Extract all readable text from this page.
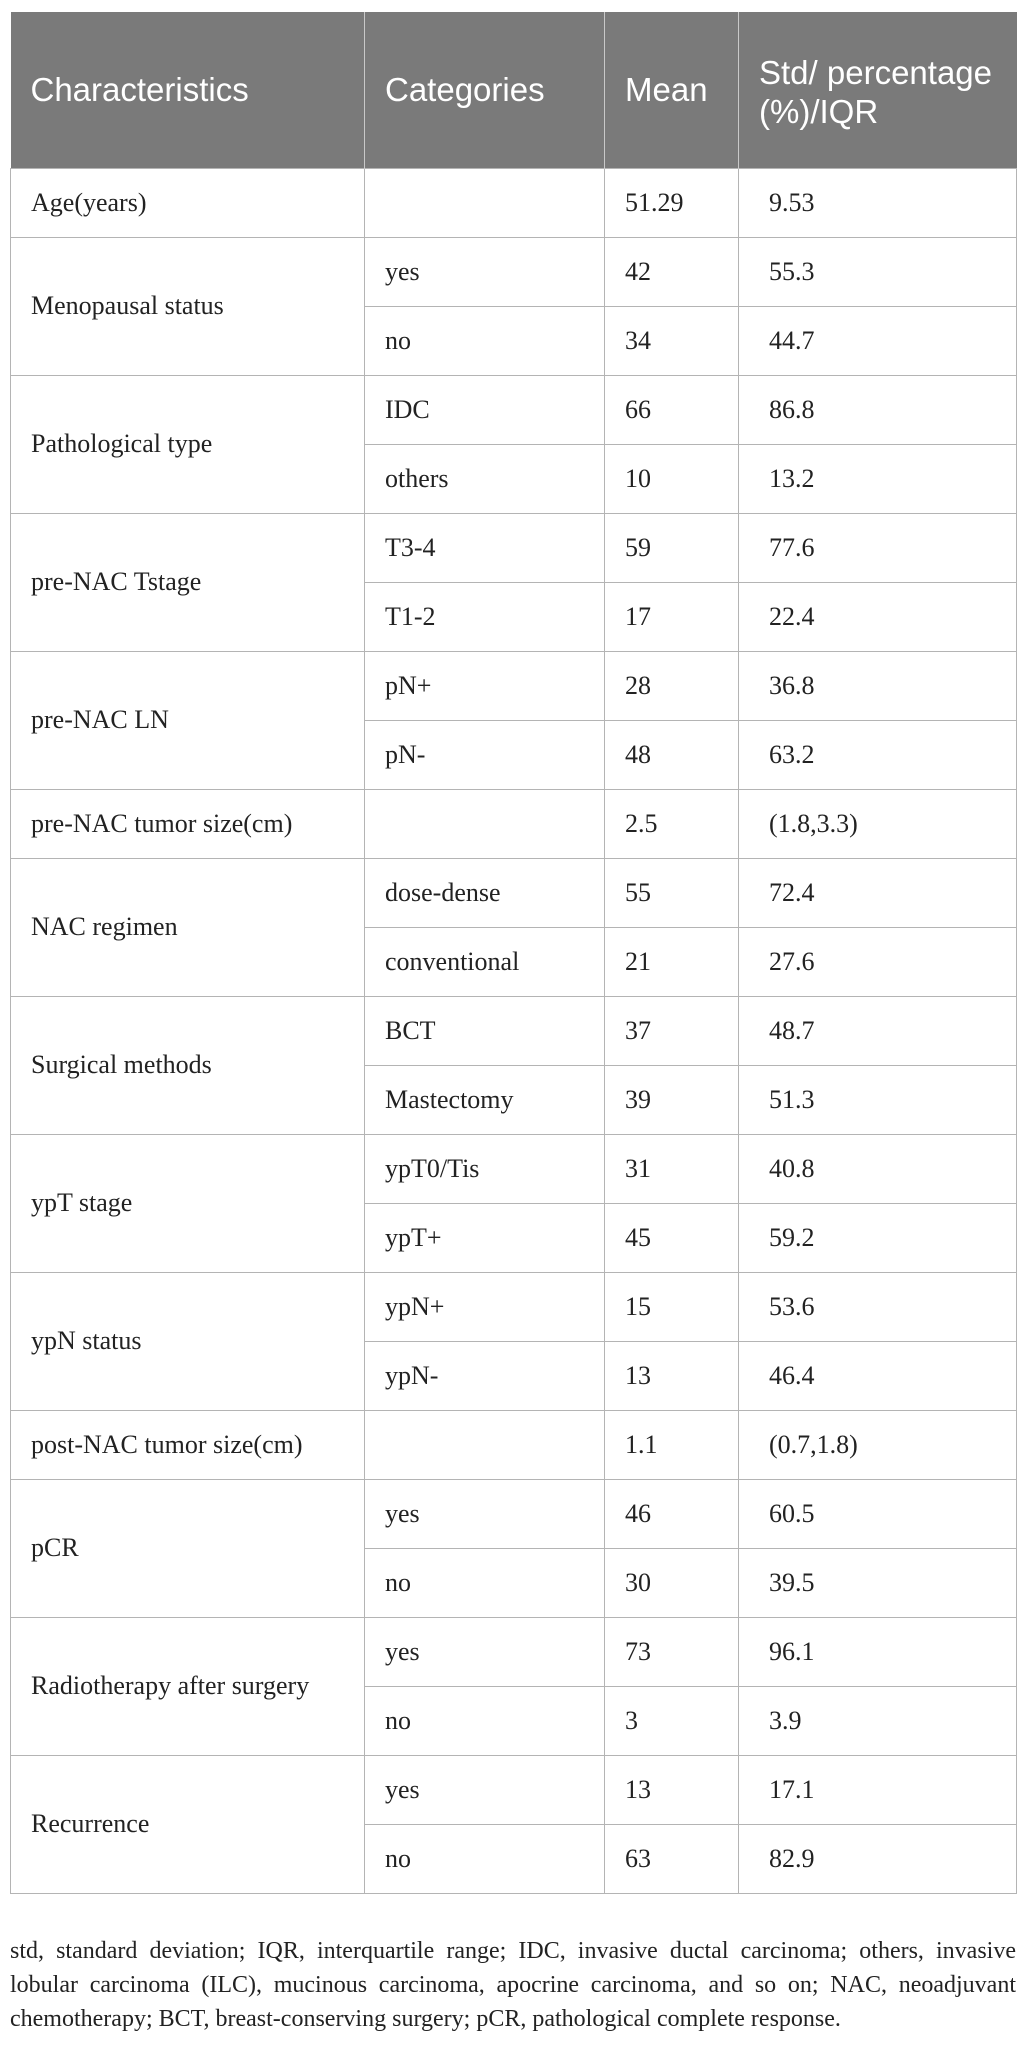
Characteristics	Categories	Mean	Std/ percentage (%)/IQR
Age(years)		51.29	9.53
Menopausal status	yes	42	55.3
	no	34	44.7
Pathological type	IDC	66	86.8
	others	10	13.2
pre-NAC Tstage	T3-4	59	77.6
	T1-2	17	22.4
pre-NAC LN	pN+	28	36.8
	pN-	48	63.2
pre-NAC tumor size(cm)		2.5	(1.8,3.3)
NAC regimen	dose-dense	55	72.4
	conventional	21	27.6
Surgical methods	BCT	37	48.7
	Mastectomy	39	51.3
ypT stage	ypT0/Tis	31	40.8
	ypT+	45	59.2
ypN status	ypN+	15	53.6
	ypN-	13	46.4
post-NAC tumor size(cm)		1.1	(0.7,1.8)
pCR	yes	46	60.5
	no	30	39.5
Radiotherapy after surgery	yes	73	96.1
	no	3	3.9
Recurrence	yes	13	17.1
	no	63	82.9

std, standard deviation; IQR, interquartile range; IDC, invasive ductal carcinoma; others, invasive lobular carcinoma (ILC), mucinous carcinoma, apocrine carcinoma, and so on; NAC, neoadjuvant chemotherapy; BCT, breast-conserving surgery; pCR, pathological complete response.
